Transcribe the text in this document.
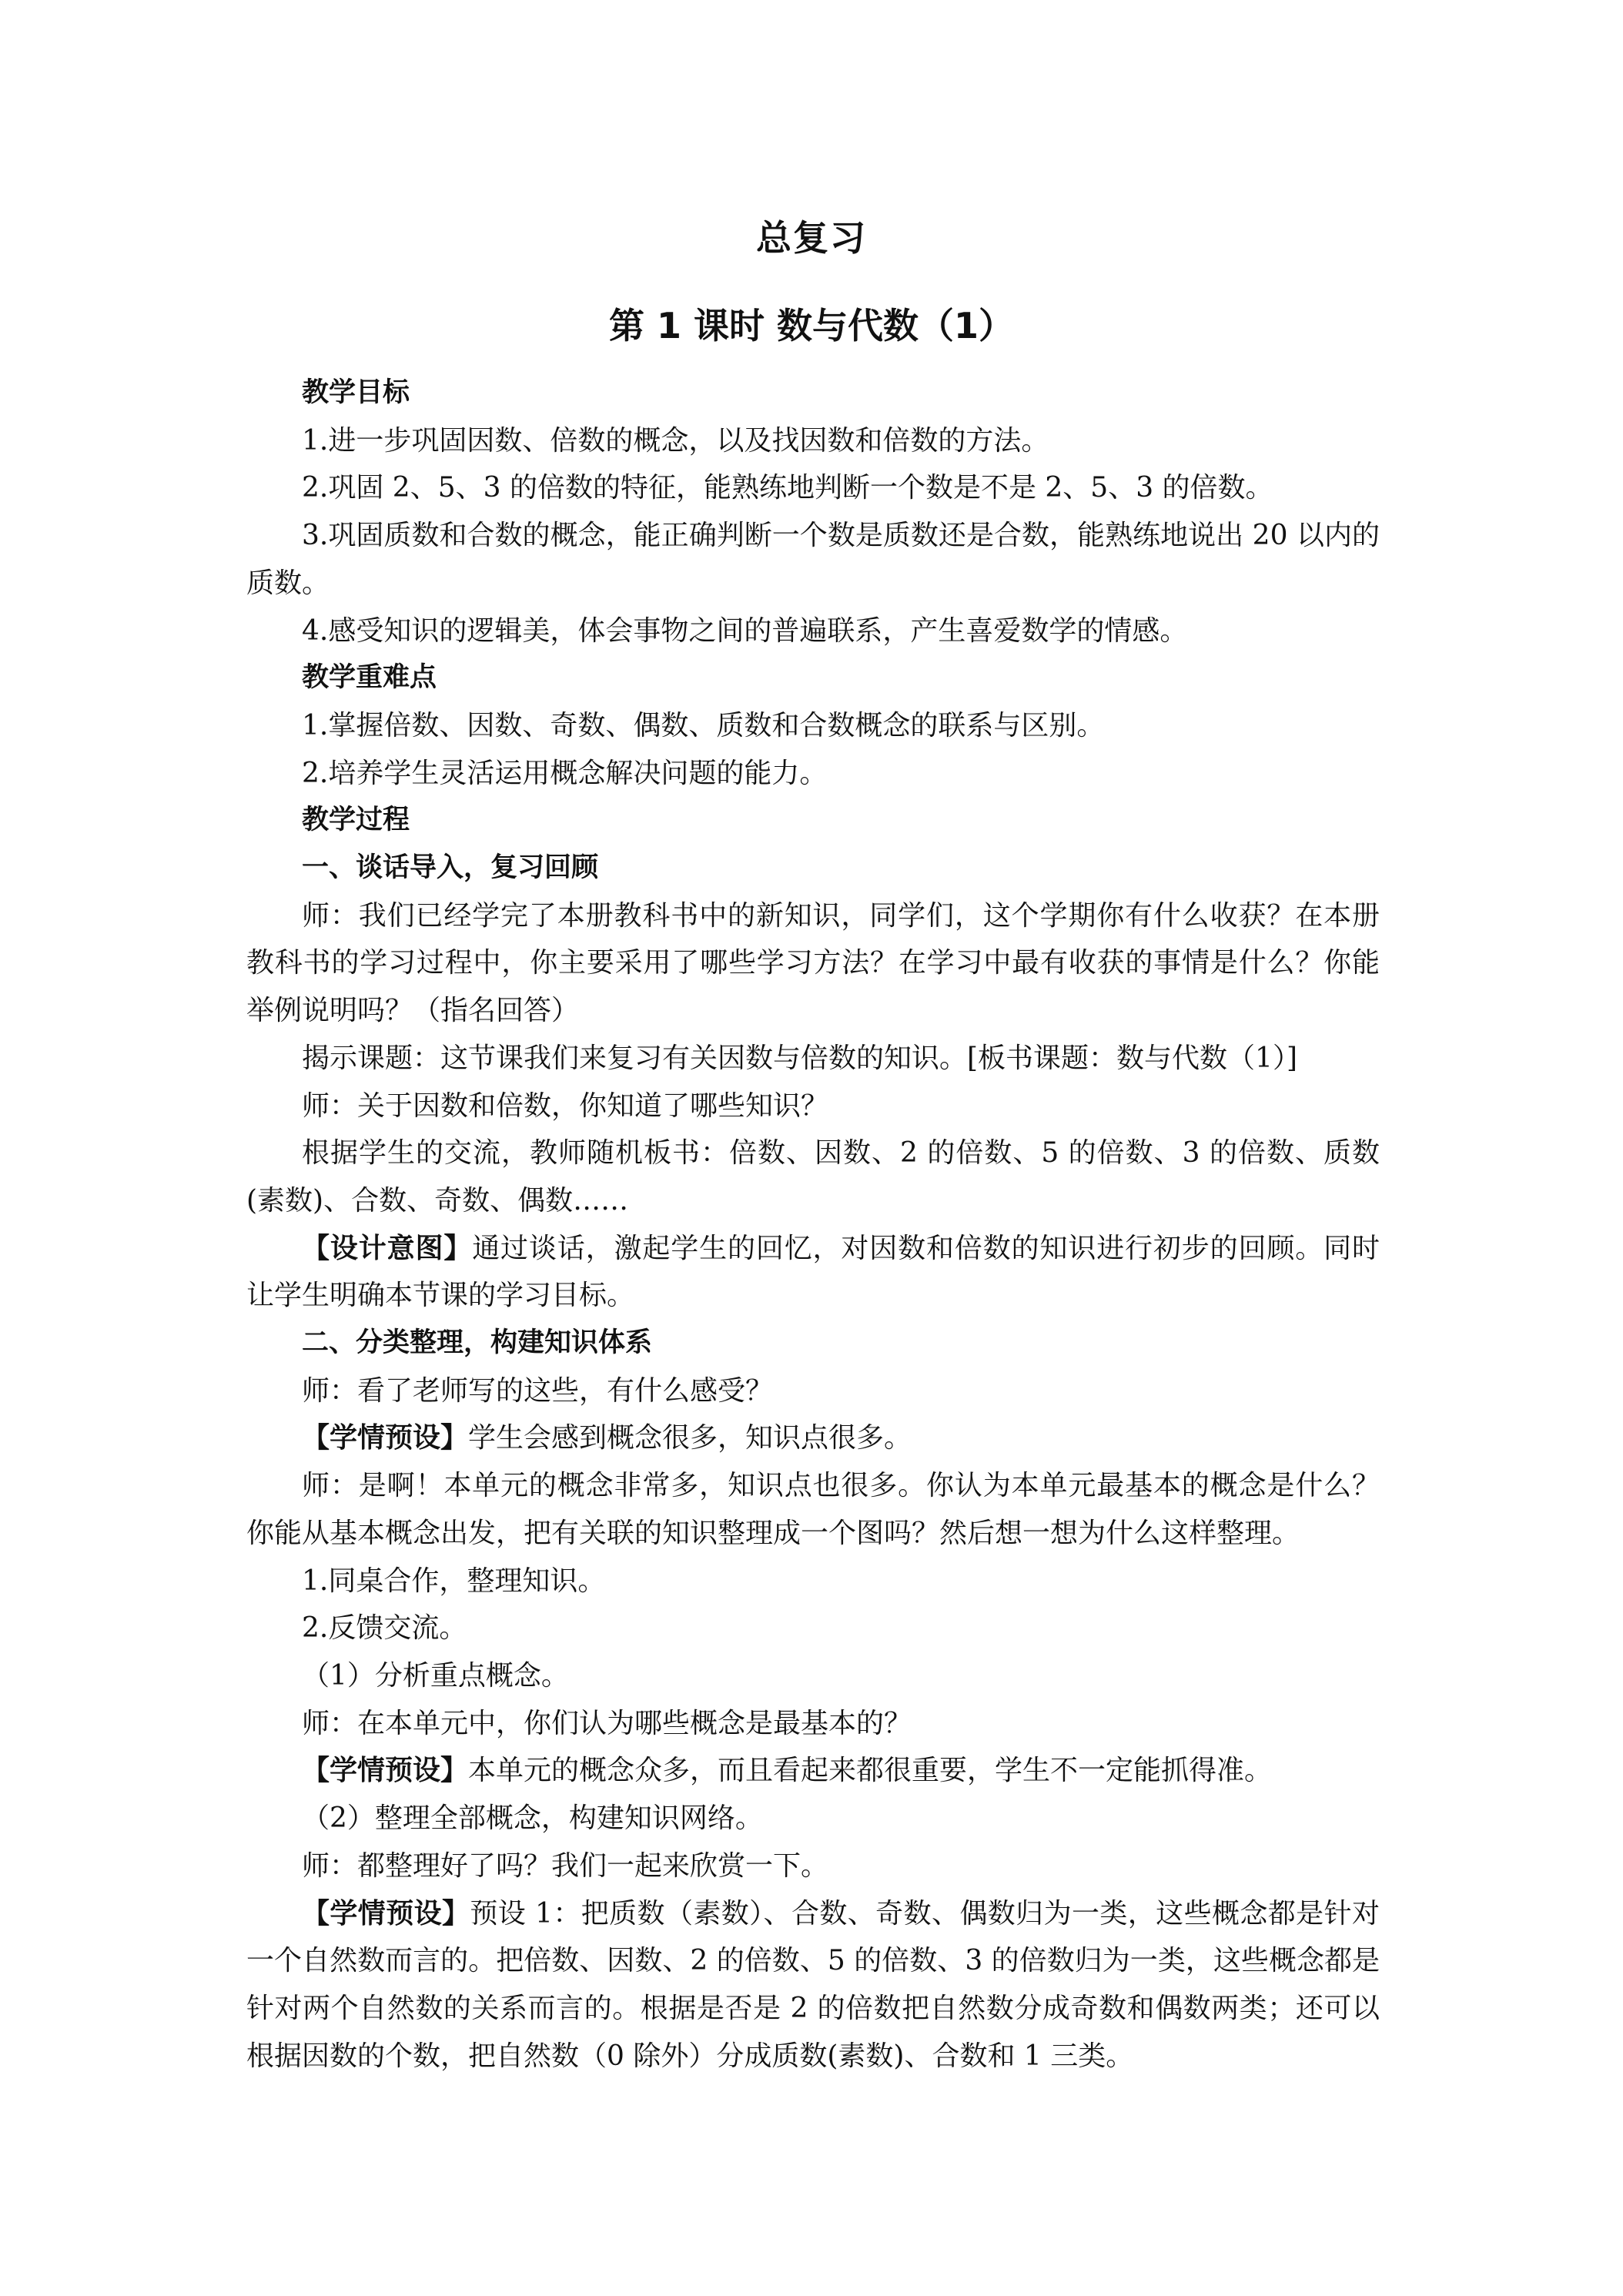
总复习
第 1 课时 数与代数（1）

教学目标

1.进一步巩固因数、倍数的概念，以及找因数和倍数的方法。

2.巩固 2、5、3 的倍数的特征，能熟练地判断一个数是不是 2、5、3 的倍数。

3.巩固质数和合数的概念，能正确判断一个数是质数还是合数，能熟练地说出 20 以内的质数。

4.感受知识的逻辑美，体会事物之间的普遍联系，产生喜爱数学的情感。

教学重难点

1.掌握倍数、因数、奇数、偶数、质数和合数概念的联系与区别。

2.培养学生灵活运用概念解决问题的能力。

教学过程

一、谈话导入，复习回顾

师：我们已经学完了本册教科书中的新知识，同学们，这个学期你有什么收获？在本册教科书的学习过程中，你主要采用了哪些学习方法？在学习中最有收获的事情是什么？你能举例说明吗？（指名回答）

揭示课题：这节课我们来复习有关因数与倍数的知识。[板书课题：数与代数（1）]

师：关于因数和倍数，你知道了哪些知识？

根据学生的交流，教师随机板书：倍数、因数、2 的倍数、5 的倍数、3 的倍数、质数(素数)、合数、奇数、偶数……

【设计意图】通过谈话，激起学生的回忆，对因数和倍数的知识进行初步的回顾。同时让学生明确本节课的学习目标。

二、分类整理，构建知识体系

师：看了老师写的这些，有什么感受？

【学情预设】学生会感到概念很多，知识点很多。

师：是啊！本单元的概念非常多，知识点也很多。你认为本单元最基本的概念是什么？你能从基本概念出发，把有关联的知识整理成一个图吗？然后想一想为什么这样整理。

1.同桌合作，整理知识。

2.反馈交流。

（1）分析重点概念。

师：在本单元中，你们认为哪些概念是最基本的？

【学情预设】本单元的概念众多，而且看起来都很重要，学生不一定能抓得准。

（2）整理全部概念，构建知识网络。

师：都整理好了吗？我们一起来欣赏一下。

【学情预设】预设 1：把质数（素数）、合数、奇数、偶数归为一类，这些概念都是针对一个自然数而言的。把倍数、因数、2 的倍数、5 的倍数、3 的倍数归为一类，这些概念都是针对两个自然数的关系而言的。根据是否是 2 的倍数把自然数分成奇数和偶数两类；还可以根据因数的个数，把自然数（0 除外）分成质数(素数)、合数和 1 三类。
